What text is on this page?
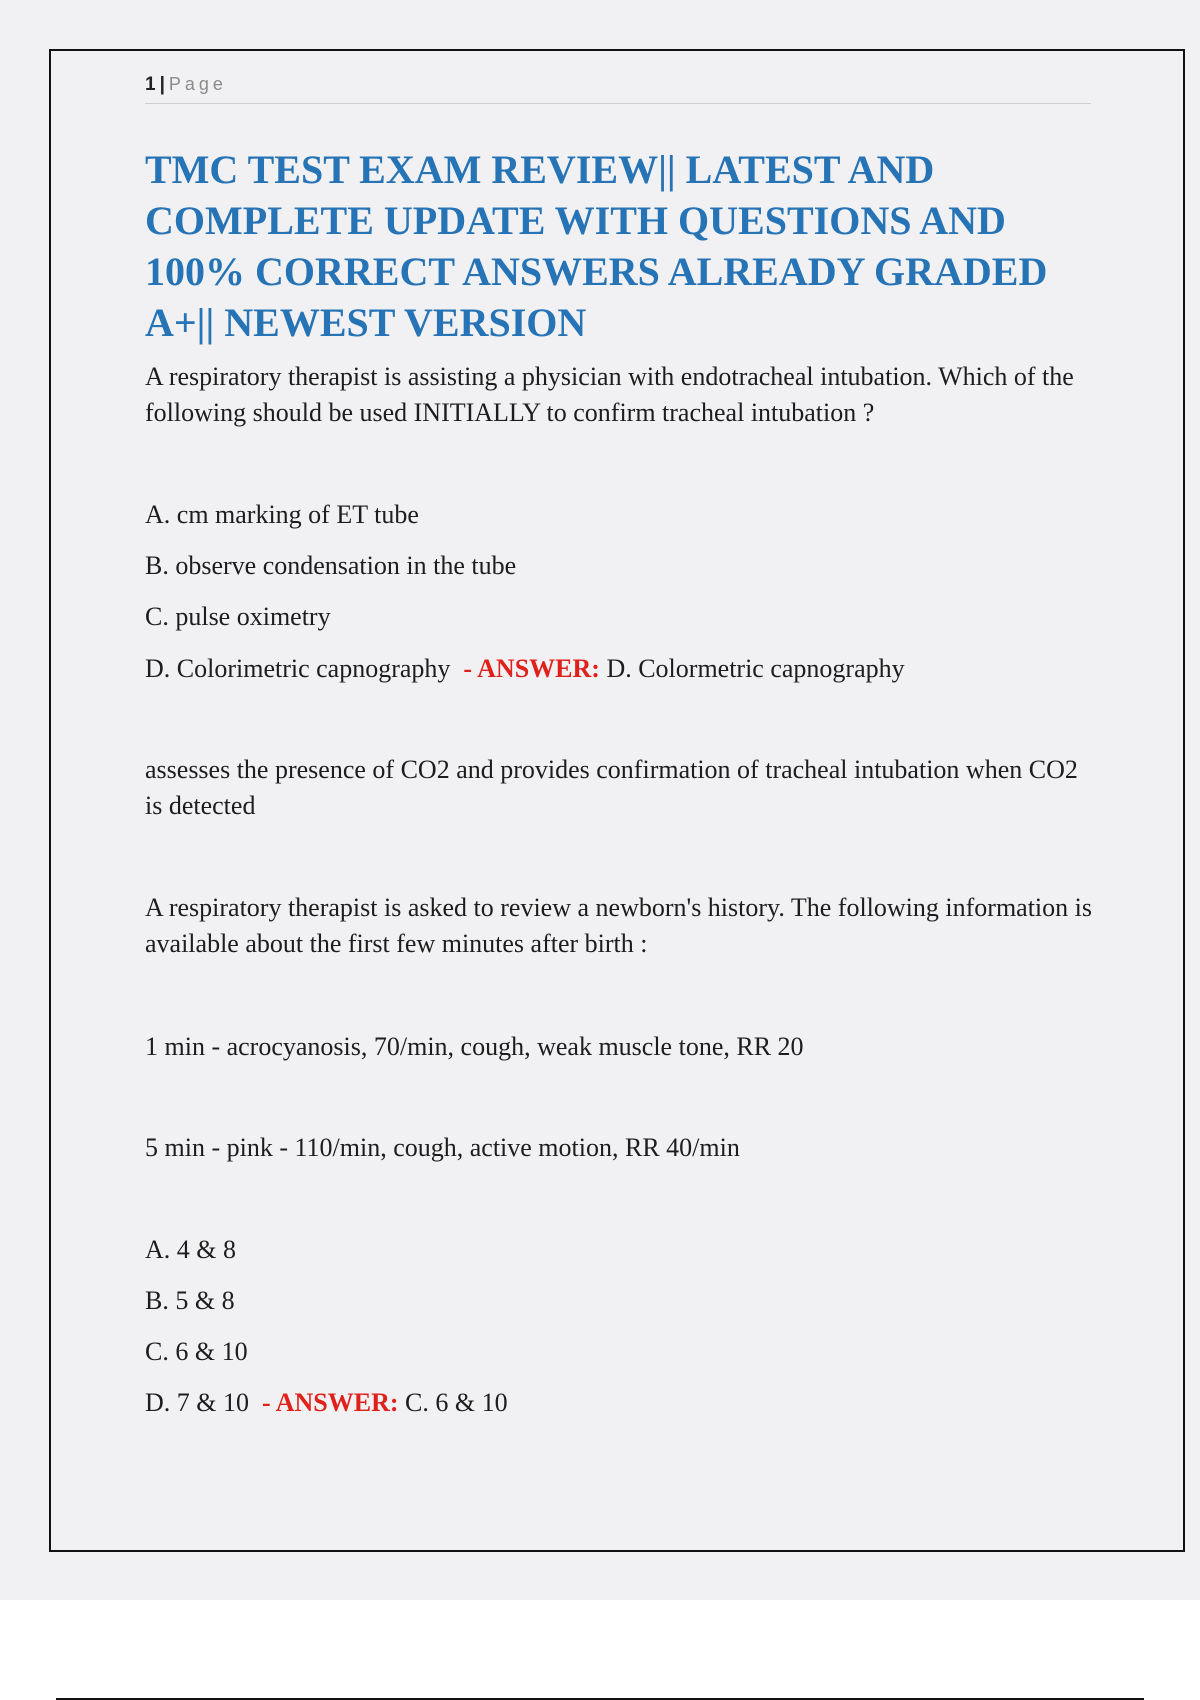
1 | Page
TMC TEST EXAM REVIEW|| LATEST AND COMPLETE UPDATE WITH QUESTIONS AND 100% CORRECT ANSWERS ALREADY GRADED A+|| NEWEST VERSION

A respiratory therapist is assisting a physician with endotracheal intubation. Which of the following should be used INITIALLY to confirm tracheal intubation ?

A. cm marking of ET tube

B. observe condensation in the tube

C. pulse oximetry

D. Colorimetric capnography - ANSWER: D. Colormetric capnography

assesses the presence of CO2 and provides confirmation of tracheal intubation when CO2 is detected

A respiratory therapist is asked to review a newborn's history. The following information is available about the first few minutes after birth :

1 min - acrocyanosis, 70/min, cough, weak muscle tone, RR 20

5 min - pink - 110/min, cough, active motion, RR 40/min

A. 4 & 8

B. 5 & 8

C. 6 & 10

D. 7 & 10 - ANSWER: C. 6 & 10
